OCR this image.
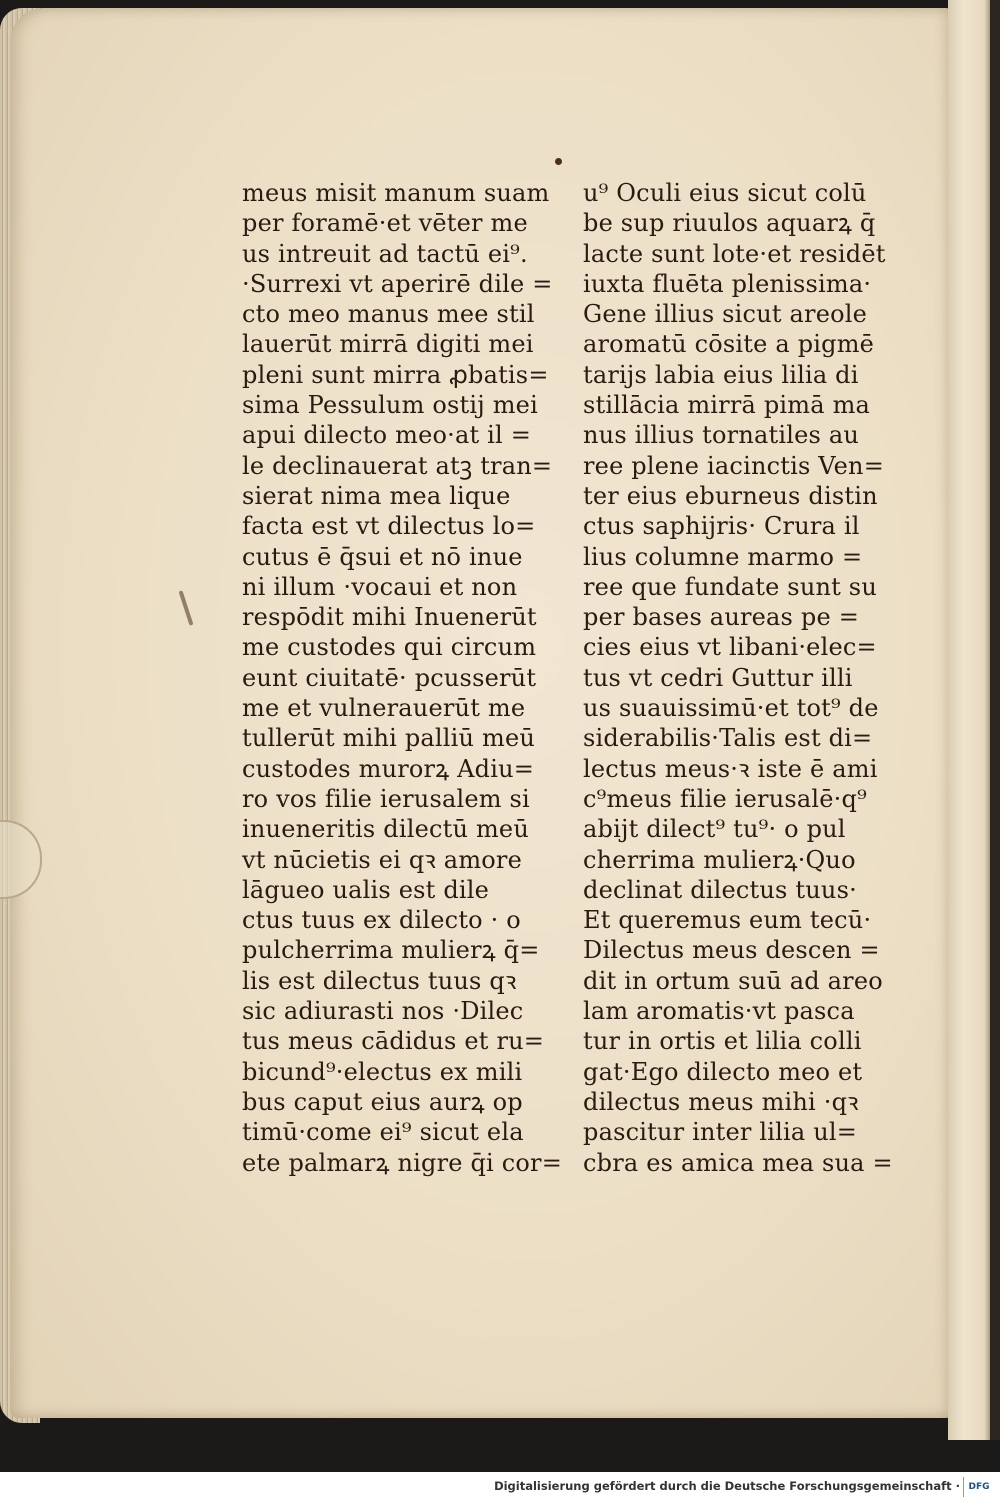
meus misit manum suam
per foramē·et vēter me
us intreuit ad tactū ei⁹.
·Surrexi vt aperirē dile =
cto meo manus mee stil
lauerūt mirrā digiti mei
pleni sunt mirra ꝓbatis=
sima Pessulum ostij mei
apui dilecto meo·at il =
le declinauerat atꝫ tran=
sierat nima mea lique
facta est vt dilectus lo=
cutus ē q̄sui et nō inue
ni illum ·vocaui et non
respōdit mihi Inuenerūt
me custodes qui circum
eunt ciuitatē· pcusserūt
me et vulnerauerūt me
tullerūt mihi palliū meū
custodes murorꝝ Adiu=
ro vos filie ierusalem si
inueneritis dilectū meū
vt nūcietis ei qꝛ amore
lāgueo ualis est dile
ctus tuus ex dilecto · o
pulcherrima mulierꝝ q̄=
lis est dilectus tuus qꝛ
sic adiurasti nos ·Dilec
tus meus cādidus et ru=
bicund⁹·electus ex mili
bus caput eius aurꝝ op
timū·come ei⁹ sicut ela
ete palmarꝝ nigre q̄i cor=
u⁹ Oculi eius sicut colū
be sup riuulos aquarꝝ q̄
lacte sunt lote·et residēt
iuxta fluēta plenissima·
Gene illius sicut areole
aromatū cōsite a pigmē
tarijs labia eius lilia di
stillācia mirrā pimā ma
nus illius tornatiles au
ree plene iacinctis Ven=
ter eius eburneus distin
ctus saphijris· Crura il
lius columne marmo =
ree que fundate sunt su
per bases aureas pe =
cies eius vt libani·elec=
tus vt cedri Guttur illi
us suauissimū·et tot⁹ de
siderabilis·Talis est di=
lectus meus·ꝛ iste ē ami
c⁹meus filie ierusalē·q⁹
abijt dilect⁹ tu⁹· o pul
cherrima mulierꝝ·Quo
declinat dilectus tuus·
Et queremus eum tecū·
Dilectus meus descen =
dit in ortum suū ad areo
lam aromatis·vt pasca
tur in ortis et lilia colli
gat·Ego dilecto meo et
dilectus meus mihi ·qꝛ
pascitur inter lilia ul=
cbra es amica mea sua =
Digitalisierung gefördert durch die Deutsche Forschungsgemeinschaft · DFG
